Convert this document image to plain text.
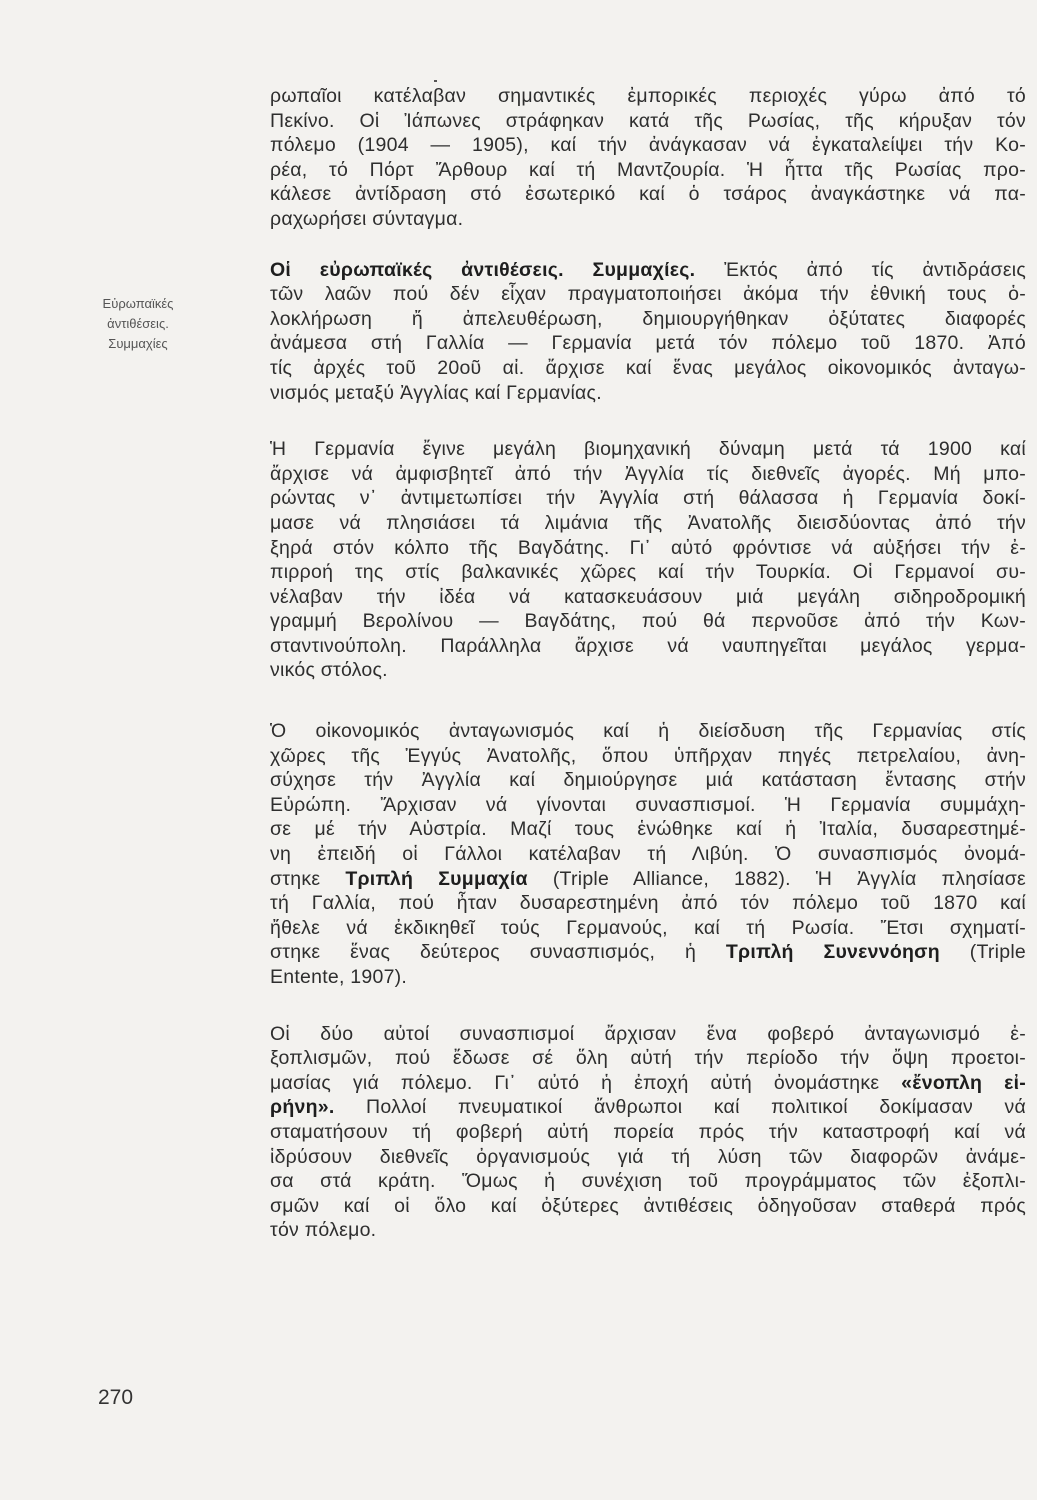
Εὐρωπαϊκές
ἀντιθέσεις.
Συμμαχίες

ρωπαῖοι κατέλαβαν σημαντικές ἐμπορικές περιοχές γύρω ἀπό τό
Πεκίνο. Οἱ Ἰάπωνες στράφηκαν κατά τῆς Ρωσίας, τῆς κήρυξαν τόν
πόλεμο (1904 — 1905), καί τήν ἀνάγκασαν νά ἐγκαταλείψει τήν Κο-
ρέα, τό Πόρτ Ἄρθουρ καί τή Μαντζουρία. Ἡ ἧττα τῆς Ρωσίας προ-
κάλεσε ἀντίδραση στό ἐσωτερικό καί ὁ τσάρος ἀναγκάστηκε νά πα-
ραχωρήσει σύνταγμα.

Οἱ εὐρωπαϊκές ἀντιθέσεις. Συμμαχίες. Ἐκτός ἀπό τίς ἀντιδράσεις
τῶν λαῶν πού δέν εἶχαν πραγματοποιήσει ἀκόμα τήν ἐθνική τους ὁ-
λοκλήρωση ἤ ἀπελευθέρωση, δημιουργήθηκαν ὀξύτατες διαφορές
ἀνάμεσα στή Γαλλία — Γερμανία μετά τόν πόλεμο τοῦ 1870. Ἀπό
τίς ἀρχές τοῦ 20οῦ αἰ. ἄρχισε καί ἕνας μεγάλος οἰκονομικός ἀνταγω-
νισμός μεταξύ Ἀγγλίας καί Γερμανίας.

Ἡ Γερμανία ἔγινε μεγάλη βιομηχανική δύναμη μετά τά 1900 καί
ἄρχισε νά ἀμφισβητεῖ ἀπό τήν Ἀγγλία τίς διεθνεῖς ἀγορές. Μή μπο-
ρώντας ν᾽ ἀντιμετωπίσει τήν Ἀγγλία στή θάλασσα ἡ Γερμανία δοκί-
μασε νά πλησιάσει τά λιμάνια τῆς Ἀνατολῆς διεισδύοντας ἀπό τήν
ξηρά στόν κόλπο τῆς Βαγδάτης. Γι᾽ αὐτό φρόντισε νά αὐξήσει τήν ἐ-
πιρροή της στίς βαλκανικές χῶρες καί τήν Τουρκία. Οἱ Γερμανοί συ-
νέλαβαν τήν ἰδέα νά κατασκευάσουν μιά μεγάλη σιδηροδρομική
γραμμή Βερολίνου — Βαγδάτης, πού θά περνοῦσε ἀπό τήν Κων-
σταντινούπολη. Παράλληλα ἄρχισε νά ναυπηγεῖται μεγάλος γερμα-
νικός στόλος.

Ὁ οἰκονομικός ἀνταγωνισμός καί ἡ διείσδυση τῆς Γερμανίας στίς
χῶρες τῆς Ἐγγύς Ἀνατολῆς, ὅπου ὑπῆρχαν πηγές πετρελαίου, ἀνη-
σύχησε τήν Ἀγγλία καί δημιούργησε μιά κατάσταση ἔντασης στήν
Εὐρώπη. Ἄρχισαν νά γίνονται συνασπισμοί. Ἡ Γερμανία συμμάχη-
σε μέ τήν Αὐστρία. Μαζί τους ἑνώθηκε καί ἡ Ἰταλία, δυσαρεστημέ-
νη ἐπειδή οἱ Γάλλοι κατέλαβαν τή Λιβύη. Ὁ συνασπισμός ὀνομά-
στηκε Τριπλή Συμμαχία (Triple Alliance, 1882). Ἡ Ἀγγλία πλησίασε
τή Γαλλία, πού ἦταν δυσαρεστημένη ἀπό τόν πόλεμο τοῦ 1870 καί
ἤθελε νά ἐκδικηθεῖ τούς Γερμανούς, καί τή Ρωσία. Ἔτσι σχηματί-
στηκε ἕνας δεύτερος συνασπισμός, ἡ Τριπλή Συνεννόηση (Triple
Entente, 1907).

Οἱ δύο αὐτοί συνασπισμοί ἄρχισαν ἕνα φοβερό ἀνταγωνισμό ἐ-
ξοπλισμῶν, πού ἔδωσε σέ ὅλη αὐτή τήν περίοδο τήν ὄψη προετοι-
μασίας γιά πόλεμο. Γι᾽ αὐτό ἡ ἐποχή αὐτή ὀνομάστηκε «ἔνοπλη εἰ-
ρήνη». Πολλοί πνευματικοί ἄνθρωποι καί πολιτικοί δοκίμασαν νά
σταματήσουν τή φοβερή αὐτή πορεία πρός τήν καταστροφή καί νά
ἱδρύσουν διεθνεῖς ὀργανισμούς γιά τή λύση τῶν διαφορῶν ἀνάμε-
σα στά κράτη. Ὅμως ἡ συνέχιση τοῦ προγράμματος τῶν ἐξοπλι-
σμῶν καί οἱ ὅλο καί ὀξύτερες ἀντιθέσεις ὁδηγοῦσαν σταθερά πρός
τόν πόλεμο.

270
